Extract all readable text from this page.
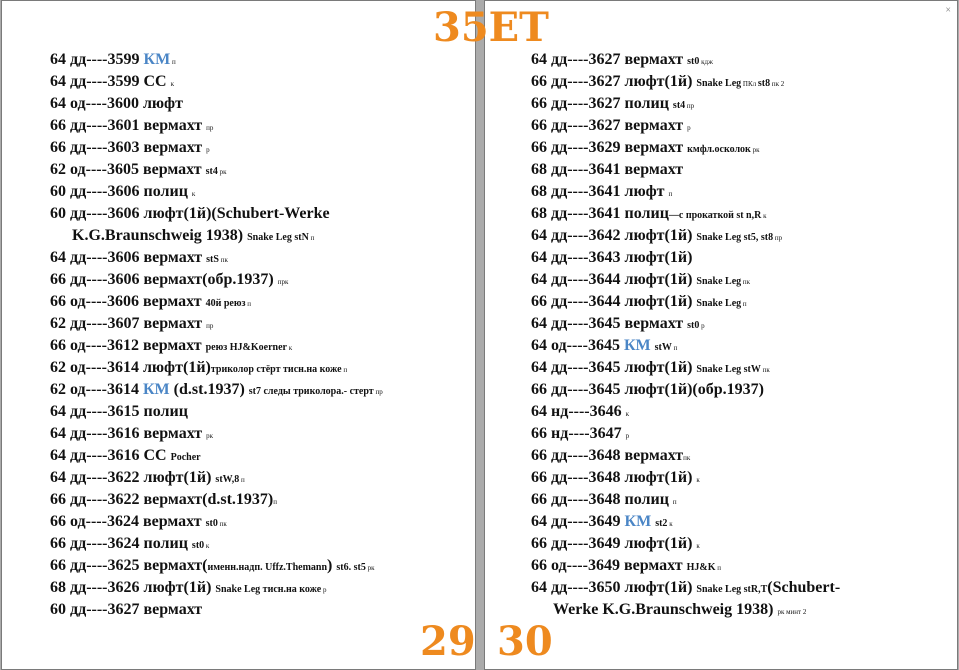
64 дд----3599 КМ п
64 дд----3599 СС к
64 од----3600 люфт
66 дд----3601 вермахт пр
66 дд----3603 вермахт р
62 од----3605 вермахт st4 рк
60 дд----3606 полиц к
60 дд----3606 люфт(1й)(Schubert-Werke
K.G.Braunschweig 1938) Snake Leg stN п
64 дд----3606 вермахт stS пк
66 дд----3606 вермахт(обр.1937) прк
66 од----3606 вермахт 40й реюз п
62 дд----3607 вермахт пр
66 од----3612 вермахт реюз HJ&Koerner к
62 од----3614 люфт(1й)триколор стёрт тисн.на коже п
62 од----3614 КМ (d.st.1937) st7 следы триколора.- стерт пр
64 дд----3615 полиц
64 дд----3616 вермахт рк
64 дд----3616 СС Pocher
64 дд----3622 люфт(1й) stW,8 п
66 дд----3622 вермахт(d.st.1937)п
66 од----3624 вермахт st0 пк
66 дд----3624 полиц st0 к
66 дд----3625 вермахт(именн.надп. Uffz.Themann) st6. st5 рк
68 дд----3626 люфт(1й) Snake Leg тисн.на коже р
60 дд----3627 вермахт
×
64 дд----3627 вермахт st0 кдж
66 дд----3627 люфт(1й) Snake Leg ПКл st8 пк 2
66 дд----3627 полиц st4 пр
66 дд----3627 вермахт р
66 дд----3629 вермахт кмфл.осколок рк
68 дд----3641 вермахт
68 дд----3641 люфт п
68 дд----3641 полиц—с прокаткой st n,R к
64 дд----3642 люфт(1й) Snake Leg st5, st8 пр
64 дд----3643 люфт(1й)
64 дд----3644 люфт(1й) Snake Leg пк
66 дд----3644 люфт(1й) Snake Leg п
64 дд----3645 вермахт st0 р
64 од----3645 КМ stW п
64 дд----3645 люфт(1й) Snake Leg stW пк
66 дд----3645 люфт(1й)(обр.1937)
64 нд----3646 к
66 нд----3647 р
66 дд----3648 вермахтпк
66 дд----3648 люфт(1й) к
66 дд----3648 полиц п
64 дд----3649 КМ st2 к
66 дд----3649 люфт(1й) к
66 од----3649 вермахт HJ&K п
64 дд----3650 люфт(1й) Snake Leg stR,T(Schubert-
Werke K.G.Braunschweig 1938) рк минт 2
35ЕТ
29 30
